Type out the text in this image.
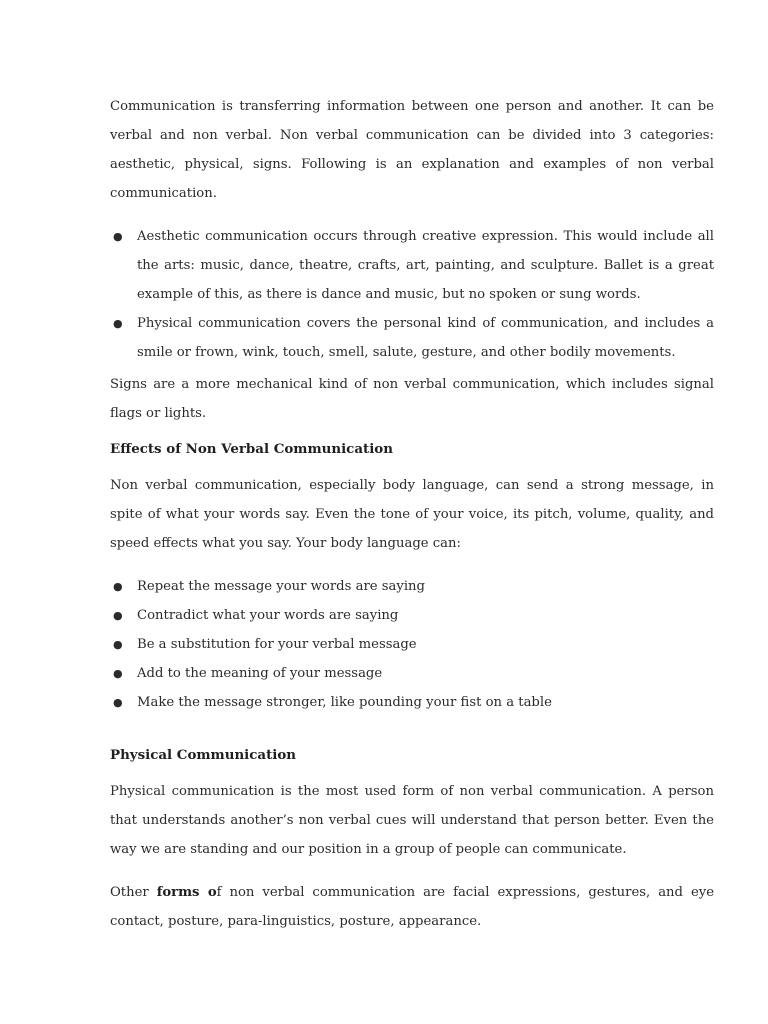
Communication is transferring information between one person and another. It can be verbal and non verbal. Non verbal communication can be divided into 3 categories: aesthetic, physical, signs. Following is an explanation and examples of non verbal communication.

● Aesthetic communication occurs through creative expression. This would include all the arts: music, dance, theatre, crafts, art, painting, and sculpture. Ballet is a great example of this, as there is dance and music, but no spoken or sung words.
● Physical communication covers the personal kind of communication, and includes a smile or frown, wink, touch, smell, salute, gesture, and other bodily movements.

Signs are a more mechanical kind of non verbal communication, which includes signal flags or lights.

Effects of Non Verbal Communication

Non verbal communication, especially body language, can send a strong message, in spite of what your words say. Even the tone of your voice, its pitch, volume, quality, and speed effects what you say. Your body language can:

● Repeat the message your words are saying
● Contradict what your words are saying
● Be a substitution for your verbal message
● Add to the meaning of your message
● Make the message stronger, like pounding your fist on a table
Physical Communication

Physical communication is the most used form of non verbal communication. A person that understands another’s non verbal cues will understand that person better. Even the way we are standing and our position in a group of people can communicate.

Other forms of non verbal communication are facial expressions, gestures, and eye contact, posture, para-linguistics, posture, appearance.
